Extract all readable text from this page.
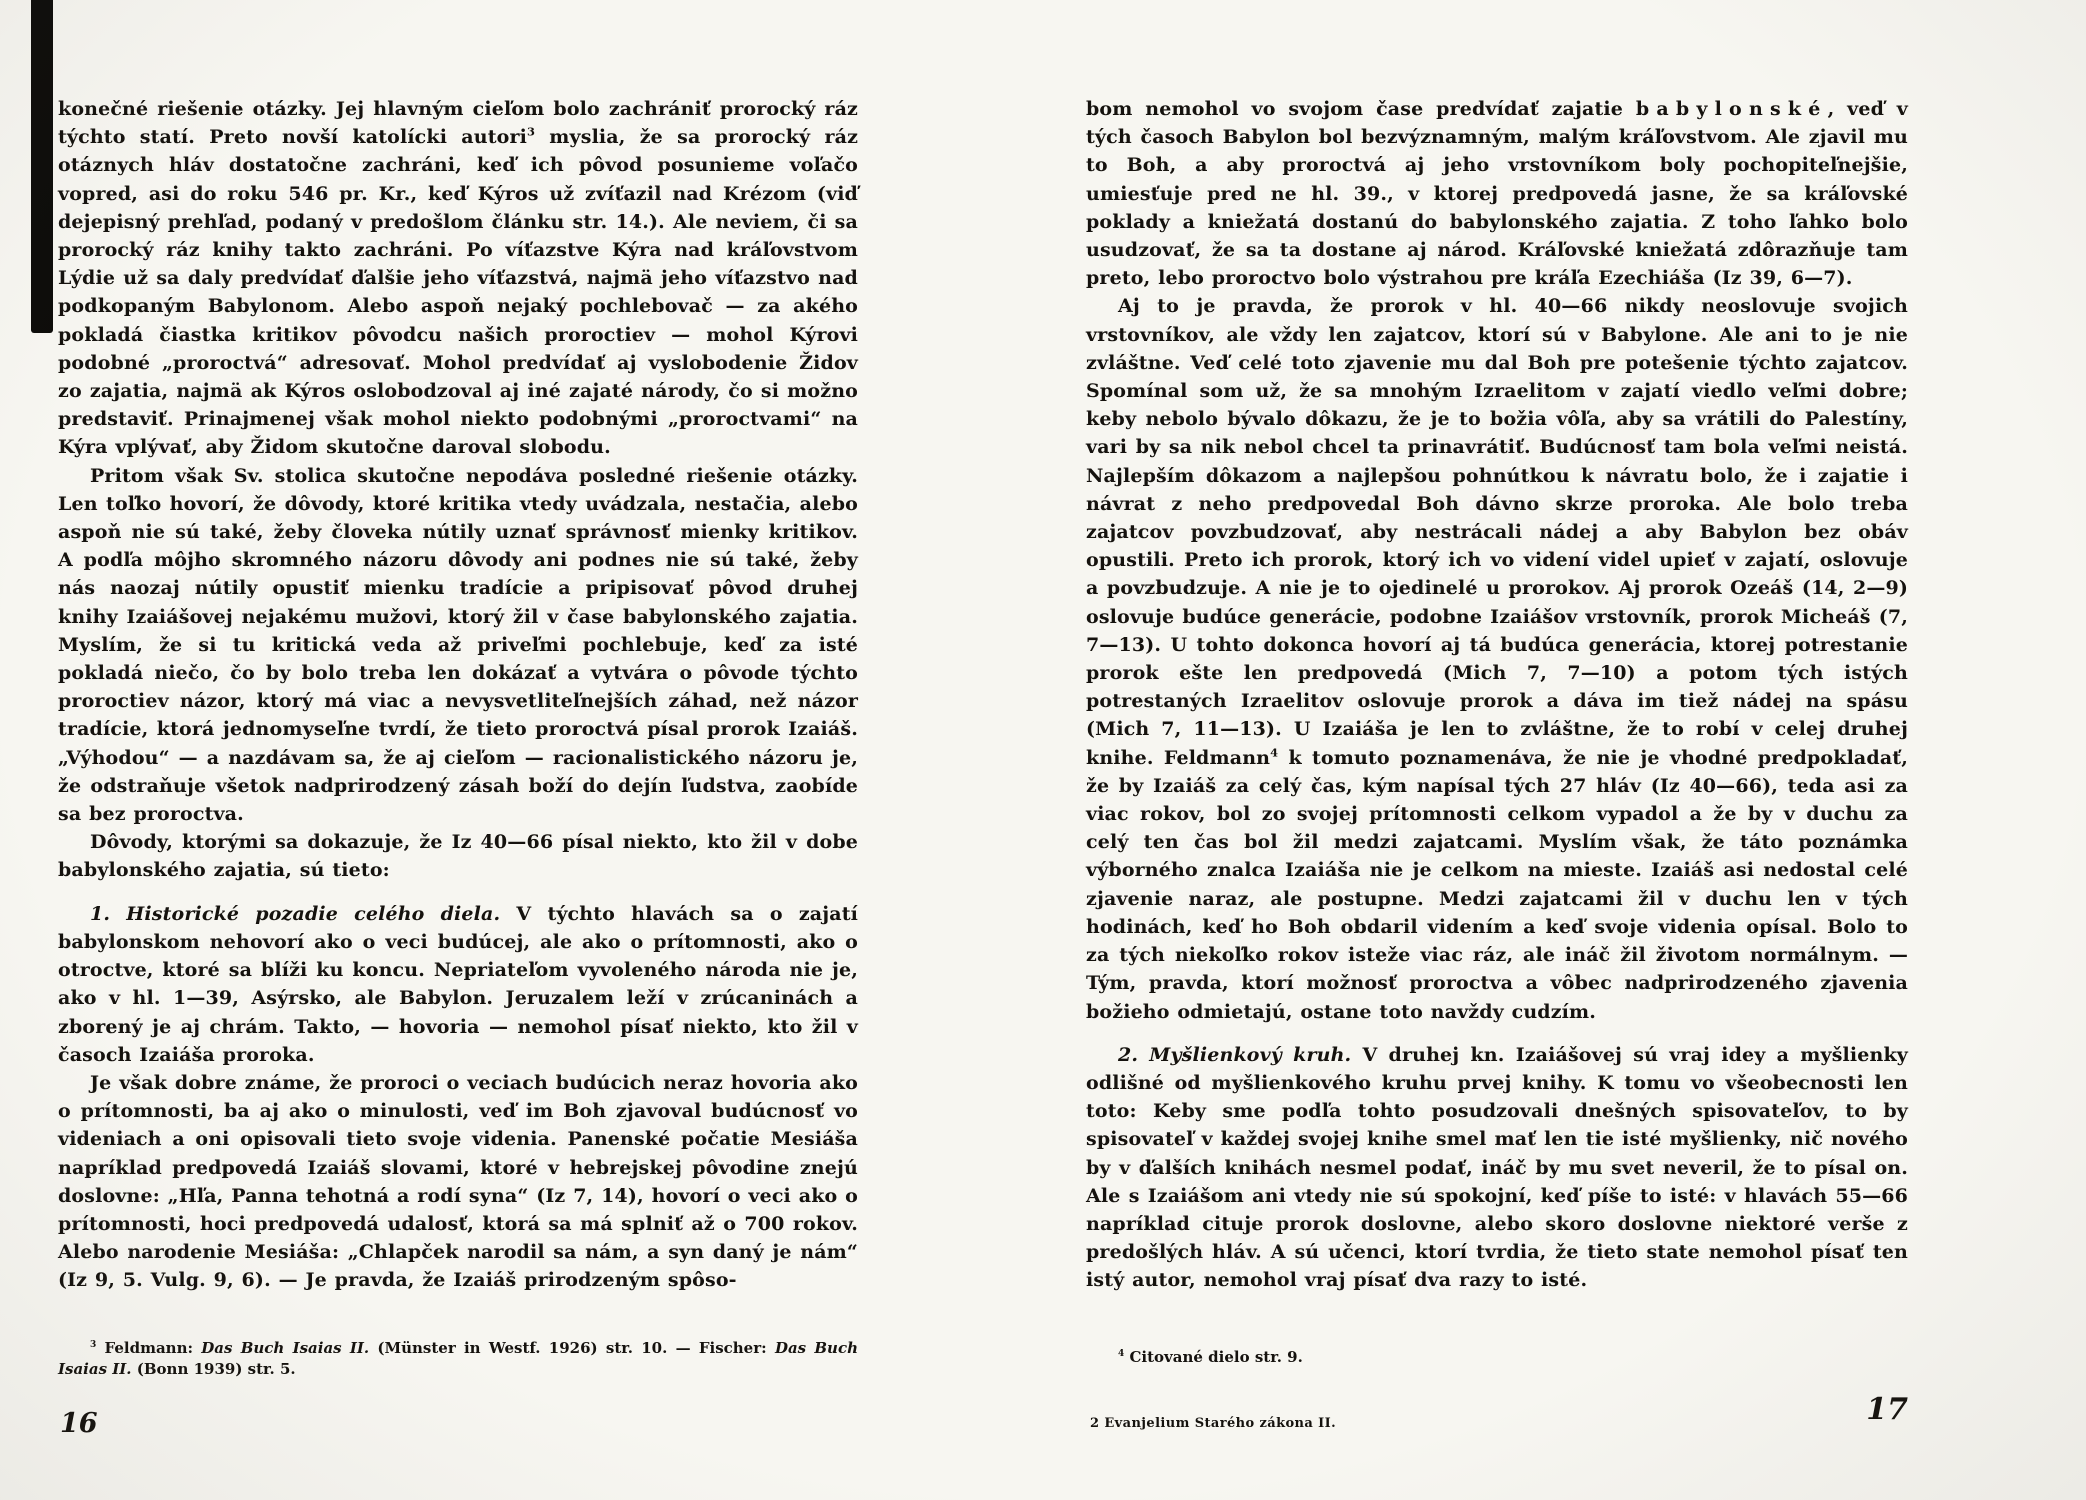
konečné riešenie otázky. Jej hlavným cieľom bolo zachrániť prorocký ráz týchto statí. Preto novší katolícki autori$^3$ myslia, že sa prorocký ráz otáznych hláv dostatočne zachráni, keď ich pôvod posunieme voľačo vopred, asi do roku 546 pr. Kr., keď Kýros už zvíťazil nad Krézom (viď dejepisný prehľad, podaný v predošlom článku str. 14.). Ale neviem, či sa prorocký ráz knihy takto zachráni. Po víťazstve Kýra nad kráľovstvom Lýdie už sa daly predvídať ďalšie jeho víťazstvá, najmä jeho víťazstvo nad podkopaným Babylonom. Alebo aspoň nejaký pochlebovač — za akého pokladá čiastka kritikov pôvodcu našich proroctiev — mohol Kýrovi podobné „proroctvá“ adresovať. Mohol predvídať aj vyslobodenie Židov zo zajatia, najmä ak Kýros oslobodzoval aj iné zajaté národy, čo si možno predstaviť. Prinajmenej však mohol niekto podobnými „proroctvami“ na Kýra vplývať, aby Židom skutočne daroval slobodu.

Pritom však Sv. stolica skutočne nepodáva posledné riešenie otázky. Len toľko hovorí, že dôvody, ktoré kritika vtedy uvádzala, nestačia, alebo aspoň nie sú také, žeby človeka nútily uznať správnosť mienky kritikov. A podľa môjho skromného názoru dôvody ani podnes nie sú také, žeby nás naozaj nútily opustiť mienku tradície a pripisovať pôvod druhej knihy Izaiášovej nejakému mužovi, ktorý žil v čase babylonského zajatia. Myslím, že si tu kritická veda až priveľmi pochlebuje, keď za isté pokladá niečo, čo by bolo treba len dokázať a vytvára o pôvode týchto proroctiev názor, ktorý má viac a nevysvetliteľnejších záhad, než názor tradície, ktorá jednomyseľne tvrdí, že tieto proroctvá písal prorok Izaiáš. „Výhodou“ — a nazdávam sa, že aj cieľom — racionalistického názoru je, že odstraňuje všetok nadprirodzený zásah boží do dejín ľudstva, zaobíde sa bez proroctva.

Dôvody, ktorými sa dokazuje, že Iz 40—66 písal niekto, kto žil v dobe babylonského zajatia, sú tieto:

1. Historické pozadie celého diela. V týchto hlavách sa o zajatí babylonskom nehovorí ako o veci budúcej, ale ako o prítomnosti, ako o otroctve, ktoré sa blíži ku koncu. Nepriateľom vyvoleného národa nie je, ako v hl. 1—39, Asýrsko, ale Babylon. Jeruzalem leží v zrúcaninách a zborený je aj chrám. Takto, — hovoria — nemohol písať niekto, kto žil v časoch Izaiáša proroka.

Je však dobre známe, že proroci o veciach budúcich neraz hovoria ako o prítomnosti, ba aj ako o minulosti, veď im Boh zjavoval budúcnosť vo videniach a oni opisovali tieto svoje videnia. Panenské počatie Mesiáša napríklad predpovedá Izaiáš slovami, ktoré v hebrejskej pôvodine znejú doslovne: „Hľa, Panna tehotná a rodí syna“ (Iz 7, 14), hovorí o veci ako o prítomnosti, hoci predpovedá udalosť, ktorá sa má splniť až o 700 rokov. Alebo narodenie Mesiáša: „Chlapček narodil sa nám, a syn daný je nám“ (Iz 9, 5. Vulg. 9, 6). — Je pravda, že Izaiáš prirodzeným spôso-

$^3$ Feldmann: Das Buch Isaias II. (Münster in Westf. 1926) str. 10. — Fischer: Das Buch Isaias II. (Bonn 1939) str. 5.

bom nemohol vo svojom čase predvídať zajatie babylonské, veď v tých časoch Babylon bol bezvýznamným, malým kráľovstvom. Ale zjavil mu to Boh, a aby proroctvá aj jeho vrstovníkom boly pochopiteľnejšie, umiesťuje pred ne hl. 39., v ktorej predpovedá jasne, že sa kráľovské poklady a kniežatá dostanú do babylonského zajatia. Z toho ľahko bolo usudzovať, že sa ta dostane aj národ. Kráľovské kniežatá zdôrazňuje tam preto, lebo proroctvo bolo výstrahou pre kráľa Ezechiáša (Iz 39, 6—7).

Aj to je pravda, že prorok v hl. 40—66 nikdy neoslovuje svojich vrstovníkov, ale vždy len zajatcov, ktorí sú v Babylone. Ale ani to je nie zvláštne. Veď celé toto zjavenie mu dal Boh pre potešenie týchto zajatcov. Spomínal som už, že sa mnohým Izraelitom v zajatí viedlo veľmi dobre; keby nebolo bývalo dôkazu, že je to božia vôľa, aby sa vrátili do Palestíny, vari by sa nik nebol chcel ta prinavrátiť. Budúcnosť tam bola veľmi neistá. Najlepším dôkazom a najlepšou pohnútkou k návratu bolo, že i zajatie i návrat z neho predpovedal Boh dávno skrze proroka. Ale bolo treba zajatcov povzbudzovať, aby nestrácali nádej a aby Babylon bez obáv opustili. Preto ich prorok, ktorý ich vo videní videl upieť v zajatí, oslovuje a povzbudzuje. A nie je to ojedinelé u prorokov. Aj prorok Ozeáš (14, 2—9) oslovuje budúce generácie, podobne Izaiášov vrstovník, prorok Micheáš (7, 7—13). U tohto dokonca hovorí aj tá budúca generácia, ktorej potrestanie prorok ešte len predpovedá (Mich 7, 7—10) a potom tých istých potrestaných Izraelitov oslovuje prorok a dáva im tiež nádej na spásu (Mich 7, 11—13). U Izaiáša je len to zvláštne, že to robí v celej druhej knihe. Feldmann$^4$ k tomuto poznamenáva, že nie je vhodné predpokladať, že by Izaiáš za celý čas, kým napísal tých 27 hláv (Iz 40—66), teda asi za viac rokov, bol zo svojej prítomnosti celkom vypadol a že by v duchu za celý ten čas bol žil medzi zajatcami. Myslím však, že táto poznámka výborného znalca Izaiáša nie je celkom na mieste. Izaiáš asi nedostal celé zjavenie naraz, ale postupne. Medzi zajatcami žil v duchu len v tých hodinách, keď ho Boh obdaril videním a keď svoje videnia opísal. Bolo to za tých niekoľko rokov isteže viac ráz, ale ináč žil životom normálnym. — Tým, pravda, ktorí možnosť proroctva a vôbec nadprirodzeného zjavenia božieho odmietajú, ostane toto navždy cudzím.

2. Myšlienkový kruh. V druhej kn. Izaiášovej sú vraj idey a myšlienky odlišné od myšlienkového kruhu prvej knihy. K tomu vo všeobecnosti len toto: Keby sme podľa tohto posudzovali dnešných spisovateľov, to by spisovateľ v každej svojej knihe smel mať len tie isté myšlienky, nič nového by v ďalších knihách nesmel podať, ináč by mu svet neveril, že to písal on. Ale s Izaiášom ani vtedy nie sú spokojní, keď píše to isté: v hlavách 55—66 napríklad cituje prorok doslovne, alebo skoro doslovne niektoré verše z predošlých hláv. A sú učenci, ktorí tvrdia, že tieto state nemohol písať ten istý autor, nemohol vraj písať dva razy to isté.

$^4$ Citované dielo str. 9.
16	2 Evanjelium Starého zákona II.	17
